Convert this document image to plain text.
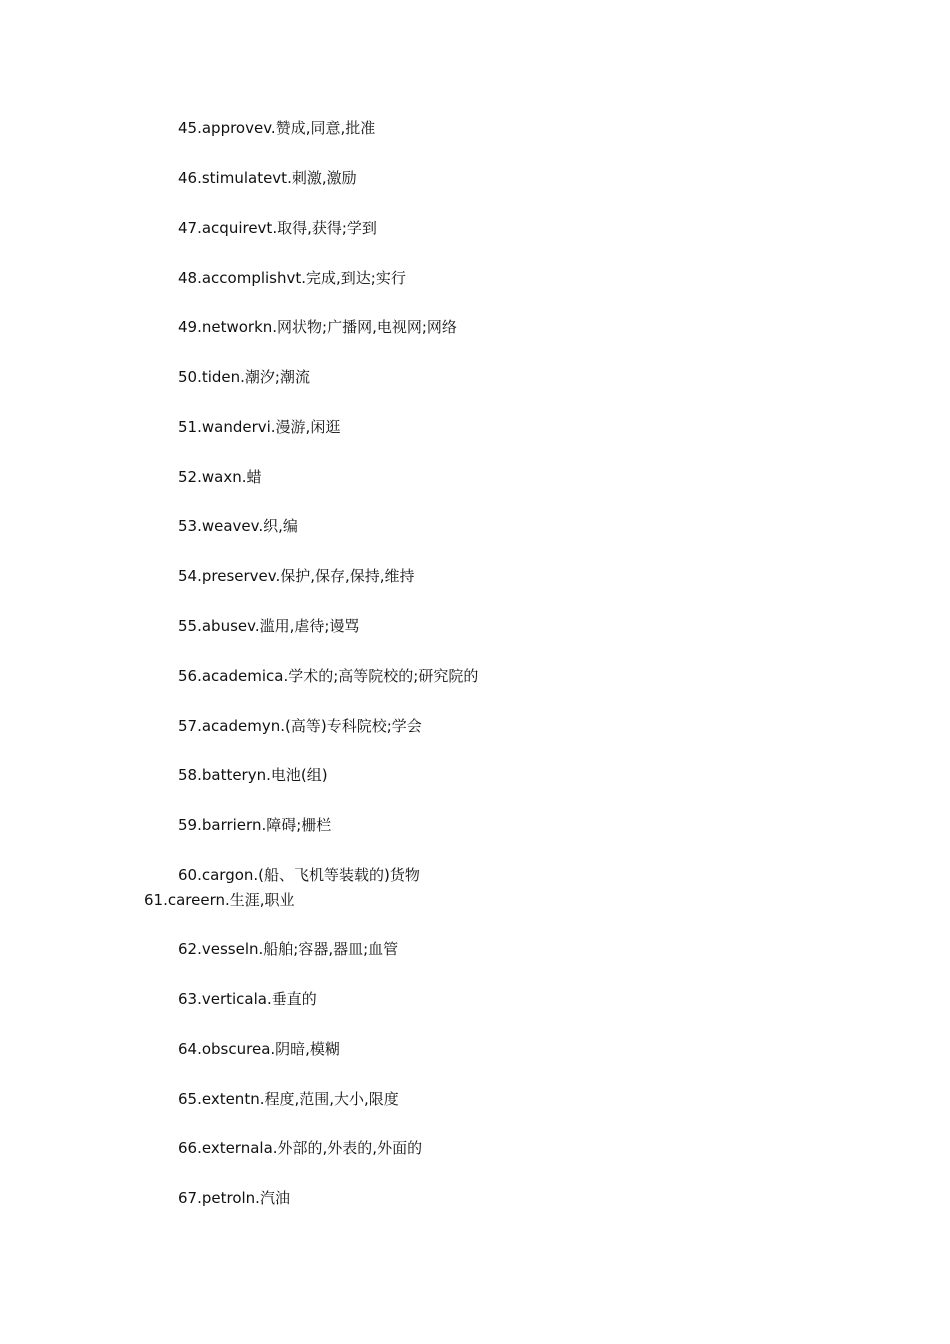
45.approvev.赞成,同意,批准
46.stimulatevt.刺激,激励
47.acquirevt.取得,获得;学到
48.accomplishvt.完成,到达;实行
49.networkn.网状物;广播网,电视网;网络
50.tiden.潮汐;潮流
51.wandervi.漫游,闲逛
52.waxn.蜡
53.weavev.织,编
54.preservev.保护,保存,保持,维持
55.abusev.滥用,虐待;谩骂
56.academica.学术的;高等院校的;研究院的
57.academyn.(高等)专科院校;学会
58.batteryn.电池(组)
59.barriern.障碍;栅栏
60.cargon.(船、飞机等装载的)货物
61.careern.生涯,职业
62.vesseln.船舶;容器,器皿;血管
63.verticala.垂直的
64.obscurea.阴暗,模糊
65.extentn.程度,范围,大小,限度
66.externala.外部的,外表的,外面的
67.petroln.汽油
